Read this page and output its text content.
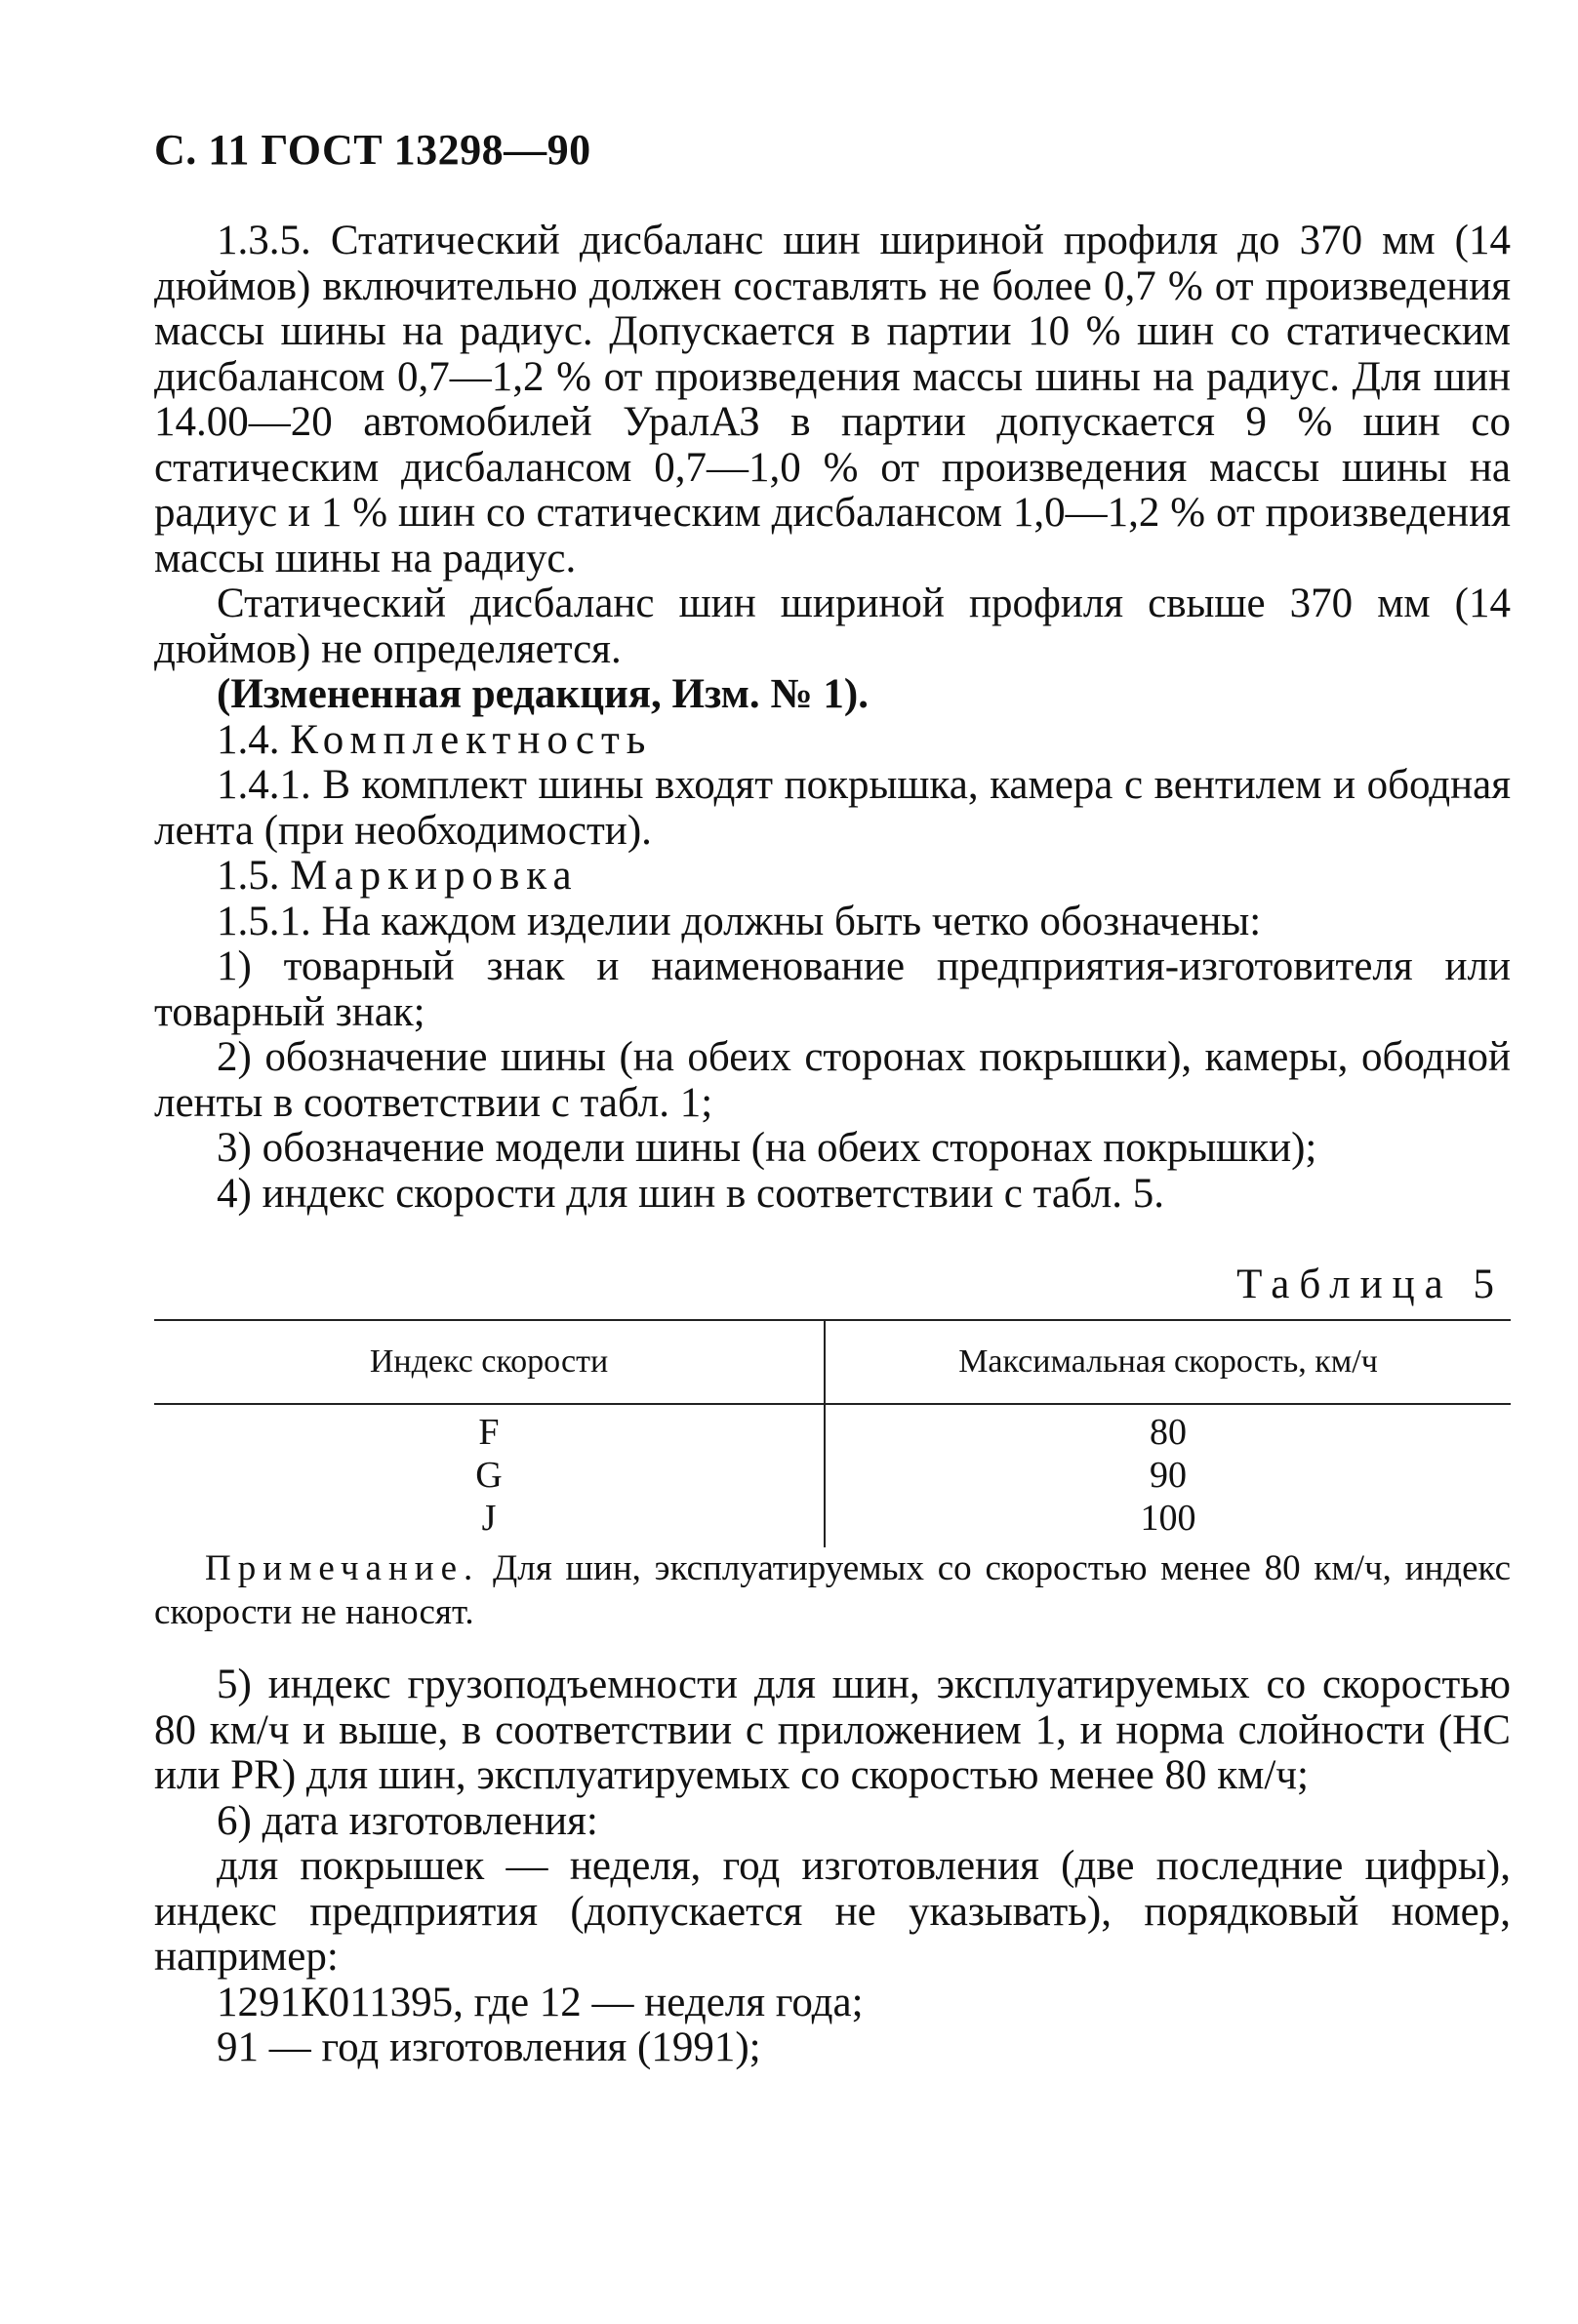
С. 11 ГОСТ 13298—90

1.3.5. Статический дисбаланс шин шириной профиля до 370 мм (14 дюймов) включительно должен составлять не более 0,7 % от произведения массы шины на радиус. Допускается в партии 10 % шин со статическим дисбалансом 0,7—1,2 % от произведения массы шины на радиус. Для шин 14.00—20 автомобилей УралАЗ в партии допускается 9 % шин со статическим дисбалансом 0,7—1,0 % от произведения массы шины на радиус и 1 % шин со статическим дисбалансом 1,0—1,2 % от произведения массы шины на радиус.

Статический дисбаланс шин шириной профиля свыше 370 мм (14 дюймов) не определяется.

(Измененная редакция, Изм. № 1).

1.4. Комплектность

1.4.1. В комплект шины входят покрышка, камера с вентилем и ободная лента (при необходимости).

1.5. Маркировка

1.5.1. На каждом изделии должны быть четко обозначены:

1) товарный знак и наименование предприятия-изготовителя или товарный знак;

2) обозначение шины (на обеих сторонах покрышки), камеры, ободной ленты в соответствии с табл. 1;

3) обозначение модели шины (на обеих сторонах покрышки);

4) индекс скорости для шин в соответствии с табл. 5.

Таблица 5
Индекс скорости	Максимальная скорость, км/ч
F	80
G	90
J	100

Примечание. Для шин, эксплуатируемых со скоростью менее 80 км/ч, индекс скорости не наносят.

5) индекс грузоподъемности для шин, эксплуатируемых со скоростью 80 км/ч и выше, в соответствии с приложением 1, и норма слойности (НС или PR) для шин, эксплуатируемых со скоростью менее 80 км/ч;

6) дата изготовления:

для покрышек — неделя, год изготовления (две последние цифры), индекс предприятия (допускается не указывать), порядковый номер, например:

1291К011395, где 12 — неделя года;

91 — год изготовления (1991);
